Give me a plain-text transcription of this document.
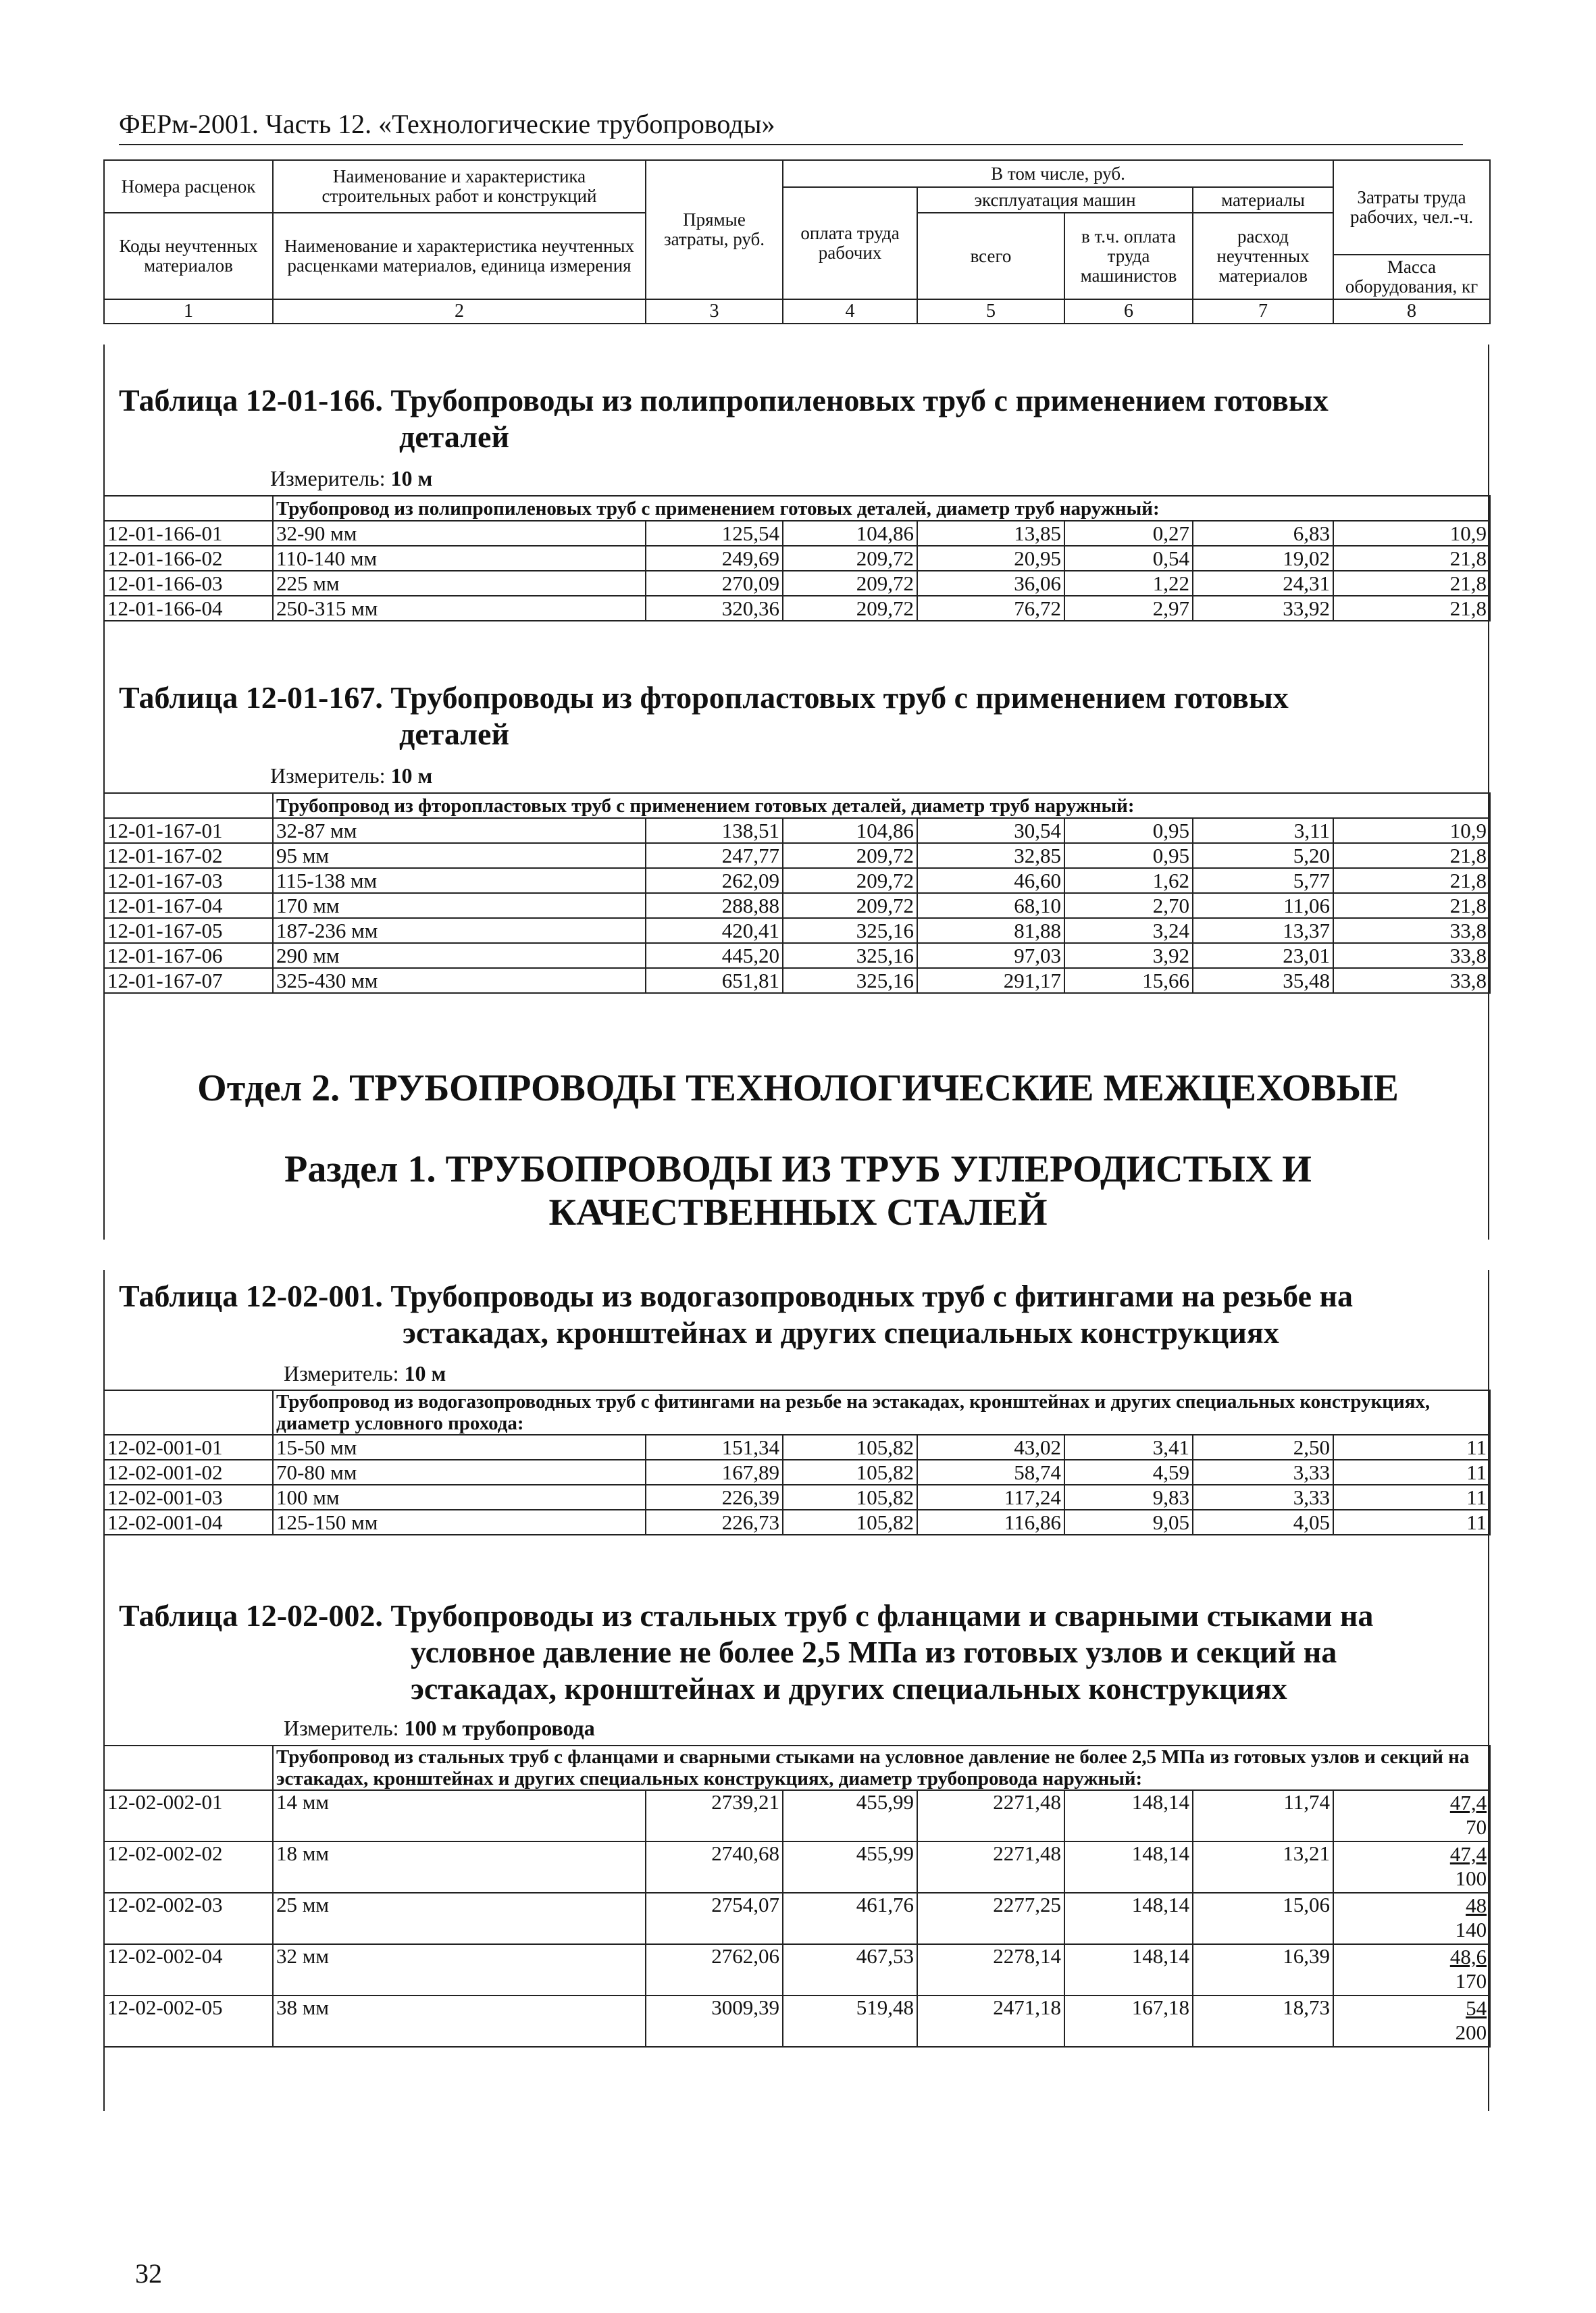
ФЕРм-2001. Часть 12. «Технологические трубопроводы»
Номера расценок	Наименование и характеристика строительных работ и конструкций	Прямые затраты, руб.	В том числе, руб.				Затраты труда рабочих, чел.-ч.
			оплата труда рабочих	эксплуатация машин		материалы	
Коды неучтенных материалов	Наименование и характеристика неучтенных расценками материалов, единица измерения			всего	в т.ч. оплата труда машинистов	расход неучтенных материалов	
							Масса оборудования, кг
1	2	3	4	5	6	7	8
Таблица 12-01-166. Трубопроводы из полипропиленовых труб с применением готовых
деталей
Измеритель: 10 м
	Трубопровод из полипропиленовых труб с применением готовых деталей, диаметр труб наружный:						
12-01-166-01	32-90 мм	125,54	104,86	13,85	0,27	6,83	10,9
12-01-166-02	110-140 мм	249,69	209,72	20,95	0,54	19,02	21,8
12-01-166-03	225 мм	270,09	209,72	36,06	1,22	24,31	21,8
12-01-166-04	250-315 мм	320,36	209,72	76,72	2,97	33,92	21,8
Таблица 12-01-167. Трубопроводы из фторопластовых труб с применением готовых
деталей
Измеритель: 10 м
	Трубопровод из фторопластовых труб с применением готовых деталей, диаметр труб наружный:						
12-01-167-01	32-87 мм	138,51	104,86	30,54	0,95	3,11	10,9
12-01-167-02	95 мм	247,77	209,72	32,85	0,95	5,20	21,8
12-01-167-03	115-138 мм	262,09	209,72	46,60	1,62	5,77	21,8
12-01-167-04	170 мм	288,88	209,72	68,10	2,70	11,06	21,8
12-01-167-05	187-236 мм	420,41	325,16	81,88	3,24	13,37	33,8
12-01-167-06	290 мм	445,20	325,16	97,03	3,92	23,01	33,8
12-01-167-07	325-430 мм	651,81	325,16	291,17	15,66	35,48	33,8
Отдел 2. ТРУБОПРОВОДЫ ТЕХНОЛОГИЧЕСКИЕ МЕЖЦЕХОВЫЕ
Раздел 1. ТРУБОПРОВОДЫ ИЗ ТРУБ УГЛЕРОДИСТЫХ И
КАЧЕСТВЕННЫХ СТАЛЕЙ
Таблица 12-02-001. Трубопроводы из водогазопроводных труб с фитингами на резьбе на
эстакадах, кронштейнах и других специальных конструкциях
Измеритель: 10 м
	Трубопровод из водогазопроводных труб с фитингами на резьбе на эстакадах, кронштейнах и других специальных конструкциях, диаметр условного прохода:						
12-02-001-01	15-50 мм	151,34	105,82	43,02	3,41	2,50	11
12-02-001-02	70-80 мм	167,89	105,82	58,74	4,59	3,33	11
12-02-001-03	100 мм	226,39	105,82	117,24	9,83	3,33	11
12-02-001-04	125-150 мм	226,73	105,82	116,86	9,05	4,05	11
Таблица 12-02-002. Трубопроводы из стальных труб с фланцами и сварными стыками на
условное давление не более 2,5 МПа из готовых узлов и секций на
эстакадах, кронштейнах и других специальных конструкциях
Измеритель: 100 м трубопровода
	Трубопровод из стальных труб с фланцами и сварными стыками на условное давление не более 2,5 МПа из готовых узлов и секций на эстакадах, кронштейнах и других специальных конструкциях, диаметр трубопровода наружный:						
12-02-002-01	14 мм	2739,21	455,99	2271,48	148,14	11,74	47,4
70

12-02-002-02	18 мм	2740,68	455,99	2271,48	148,14	13,21	47,4
100

12-02-002-03	25 мм	2754,07	461,76	2277,25	148,14	15,06	48
140

12-02-002-04	32 мм	2762,06	467,53	2278,14	148,14	16,39	48,6
170

12-02-002-05	38 мм	3009,39	519,48	2471,18	167,18	18,73	54
200
32
